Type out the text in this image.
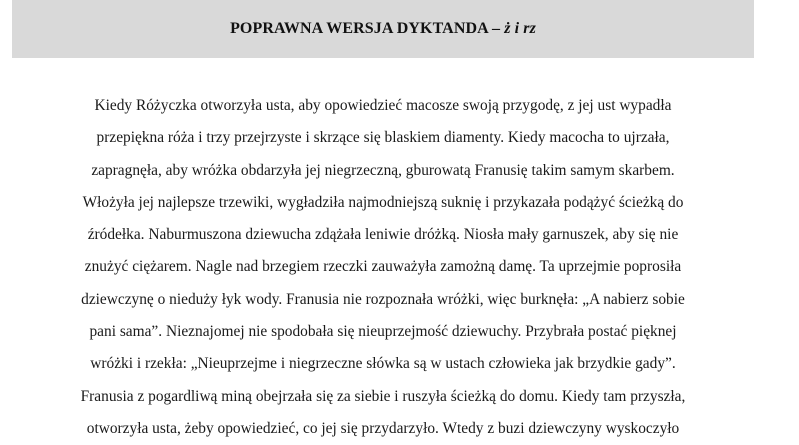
POPRAWNA WERSJA DYKTANDA – ż i rz
Kiedy Różyczka otworzyła usta, aby opowiedzieć macosze swoją przygodę, z jej ust wypadła
przepiękna róża i trzy przejrzyste i skrzące się blaskiem diamenty. Kiedy macocha to ujrzała,
zapragnęła, aby wróżka obdarzyła jej niegrzeczną, gburowatą Franusię takim samym skarbem.
Włożyła jej najlepsze trzewiki, wygładziła najmodniejszą suknię i przykazała podążyć ścieżką do
źródełka. Naburmuszona dziewucha zdążała leniwie dróżką. Niosła mały garnuszek, aby się nie
znużyć ciężarem. Nagle nad brzegiem rzeczki zauważyła zamożną damę. Ta uprzejmie poprosiła
dziewczynę o nieduży łyk wody. Franusia nie rozpoznała wróżki, więc burknęła: „A nabierz sobie
pani sama”. Nieznajomej nie spodobała się nieuprzejmość dziewuchy. Przybrała postać pięknej
wróżki i rzekła: „Nieuprzejme i niegrzeczne słówka są w ustach człowieka jak brzydkie gady”.
Franusia z pogardliwą miną obejrzała się za siebie i ruszyła ścieżką do domu. Kiedy tam przyszła,
otworzyła usta, żeby opowiedzieć, co jej się przydarzyło. Wtedy z buzi dziewczyny wyskoczyło
